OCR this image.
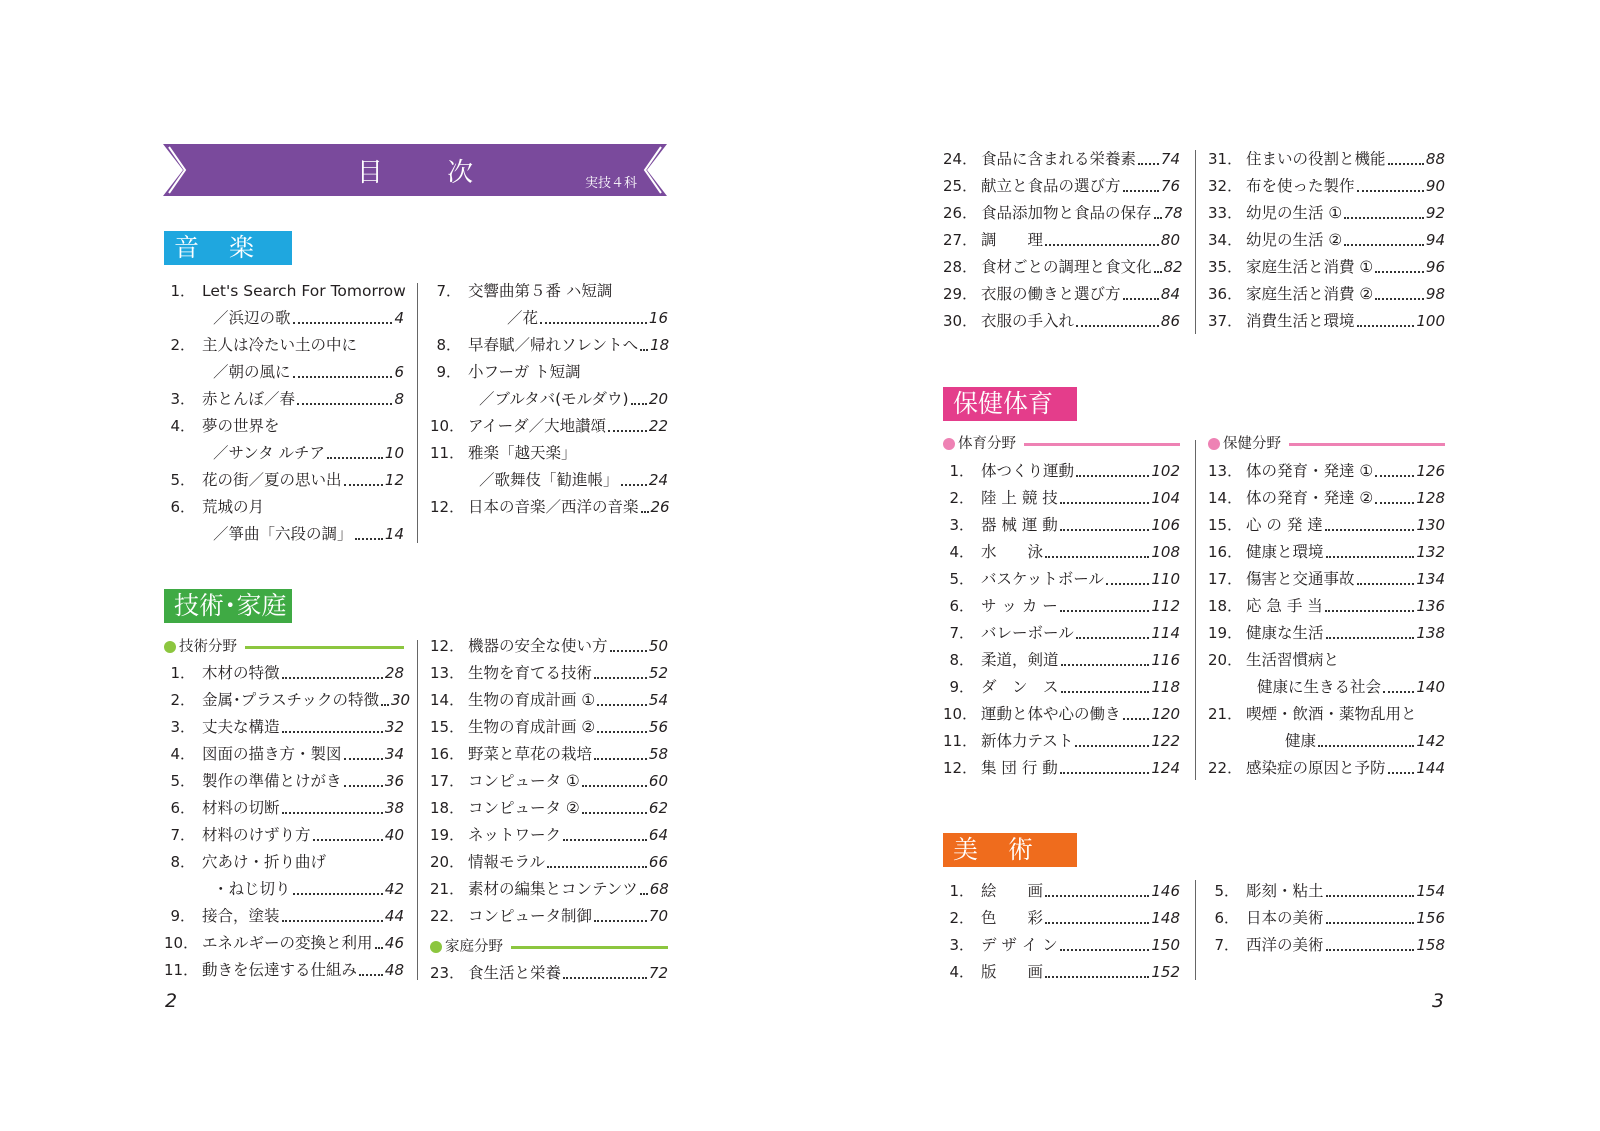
目 次	実技４科
音 楽
技術･家庭
保健体育
美 術
技術分野
家庭分野
体育分野	保健分野
1． Let's Search For Tomorrow
／浜辺の歌	4
2． 主人は冷たい土の中に
／朝の風に	6
3． 赤とんぼ／春	8
4． 夢の世界を
／サンタ ルチア	10
5． 花の街／夏の思い出	12
6． 荒城の月
／箏曲「六段の調」 14
7． 交響曲第５番 ハ短調
／花	16
8． 早春賦／帰れソレントへ 18
9． 小フーガ ト短調
／ブルタバ(モルダウ) 20
10． アイーダ／大地讃頌	22
11． 雅楽「越天楽」
／歌舞伎「勧進帳」 24
12． 日本の音楽／西洋の音楽 26
1． 木材の特徴	28
2． 金属･プラスチックの特徴 30
3． 丈夫な構造	32
4． 図面の描き方・製図	34
5． 製作の準備とけがき	36
6． 材料の切断	38
7． 材料のけずり方	40
8． 穴あけ・折り曲げ
・ねじ切り	42
9． 接合，塗装	44
10． エネルギーの変換と利用 46
11． 動きを伝達する仕組み 48
12． 機器の安全な使い方	50
13． 生物を育てる技術	52
14． 生物の育成計画 ①	54
15． 生物の育成計画 ②	56
16． 野菜と草花の栽培	58
17． コンピュータ ①	60
18． コンピュータ ②	62
19． ネットワーク	64
20． 情報モラル	66
21． 素材の編集とコンテンツ 68
22． コンピュータ制御	70
23． 食生活と栄養	72
24． 食品に含まれる栄養素 74
25． 献立と食品の選び方	76
26． 食品添加物と食品の保存 78
27． 調　　理	80
28． 食材ごとの調理と食文化 82
29． 衣服の働きと選び方	84
30． 衣服の手入れ	86
31． 住まいの役割と機能	88
32． 布を使った製作	90
33． 幼児の生活 ①	92
34． 幼児の生活 ②	94
35． 家庭生活と消費 ①	96
36． 家庭生活と消費 ②	98
37． 消費生活と環境	100
1． 体つくり運動	102
2． 陸 上 競 技	104
3． 器 械 運 動	106
4． 水　　泳	108
5． バスケットボール	110
6． サ ッ カ ー	112
7． バレーボール	114
8． 柔道，剣道	116
9． ダ　ン　ス	118
10． 運動と体や心の働き 120
11． 新体力テスト	122
12． 集 団 行 動	124
13． 体の発育・発達 ①	126
14． 体の発育・発達 ②	128
15． 心 の 発 達	130
16． 健康と環境	132
17． 傷害と交通事故	134
18． 応 急 手 当	136
19． 健康な生活	138
20． 生活習慣病と
健康に生きる社会 140
21． 喫煙・飲酒・薬物乱用と
健康	142
22． 感染症の原因と予防 144
1． 絵　　画	146
2． 色　　彩	148
3． デ ザ イ ン	150
4． 版　　画	152
5． 彫刻・粘土	154
6． 日本の美術	156
7． 西洋の美術	158
2	3
